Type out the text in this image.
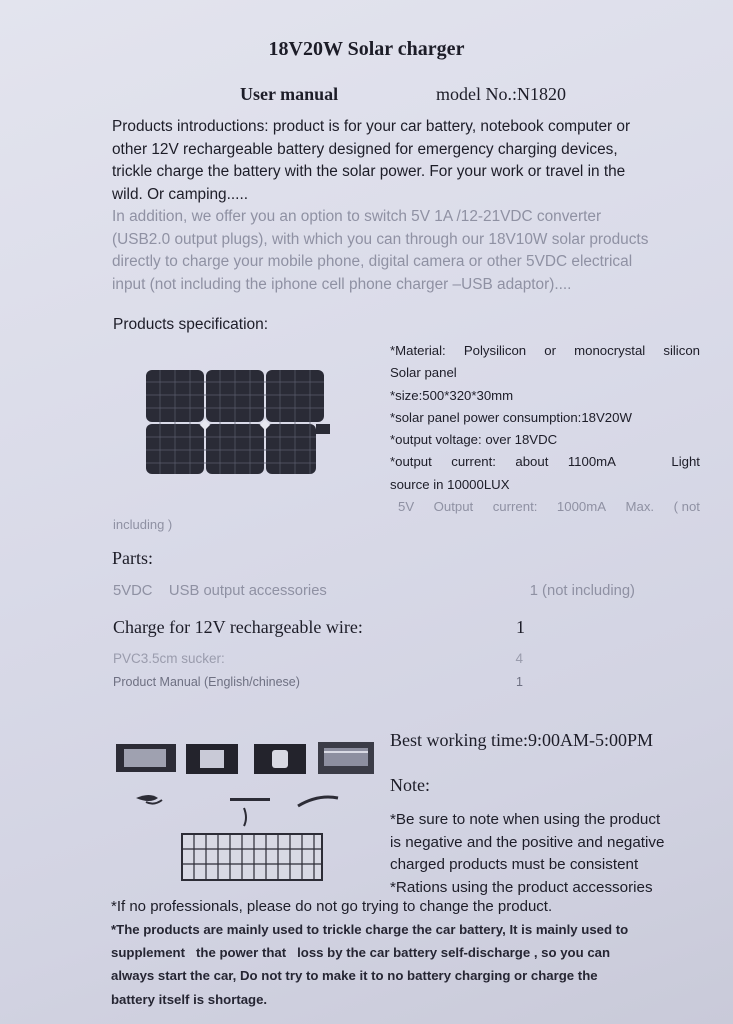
18V20W Solar charger
User manual	model No.:N1820
Products introductions: product is for your car battery, notebook computer or
other 12V rechargeable battery designed for emergency charging devices,
trickle charge the battery with the solar power. For your work or travel in the
wild. Or camping.....
In addition, we offer you an option to switch 5V 1A /12-21VDC converter
(USB2.0 output plugs), with which you can through our 18V10W solar products
directly to charge your mobile phone, digital camera or other 5VDC electrical
input (not including the iphone cell phone charger –USB adaptor)....
Products specification:
*Material: Polysilicon or monocrystal silicon
Solar panel
*size:500*320*30mm
*solar panel power consumption:18V20W
*output voltage: over 18VDC
*output current: about 1100mA	Light
source in 10000LUX
5V Output current: 1000mA Max. ( not
including )
Parts:
5VDC    USB output accessories	1 (not including)
Charge for 12V rechargeable wire:	1
PVC3.5cm sucker:	4
Product Manual (English/chinese)	1
Best working time:9:00AM-5:00PM
Note:
*Be sure to note when using the product
is negative and the positive and negative
charged products must be consistent
*Rations using the product accessories
*If no professionals, please do not go trying to change the product.
*The products are mainly used to trickle charge the car battery, It is mainly used to
supplement   the power that   loss by the car battery self-discharge , so you can
always start the car, Do not try to make it to no battery charging or charge the
battery itself is shortage.
